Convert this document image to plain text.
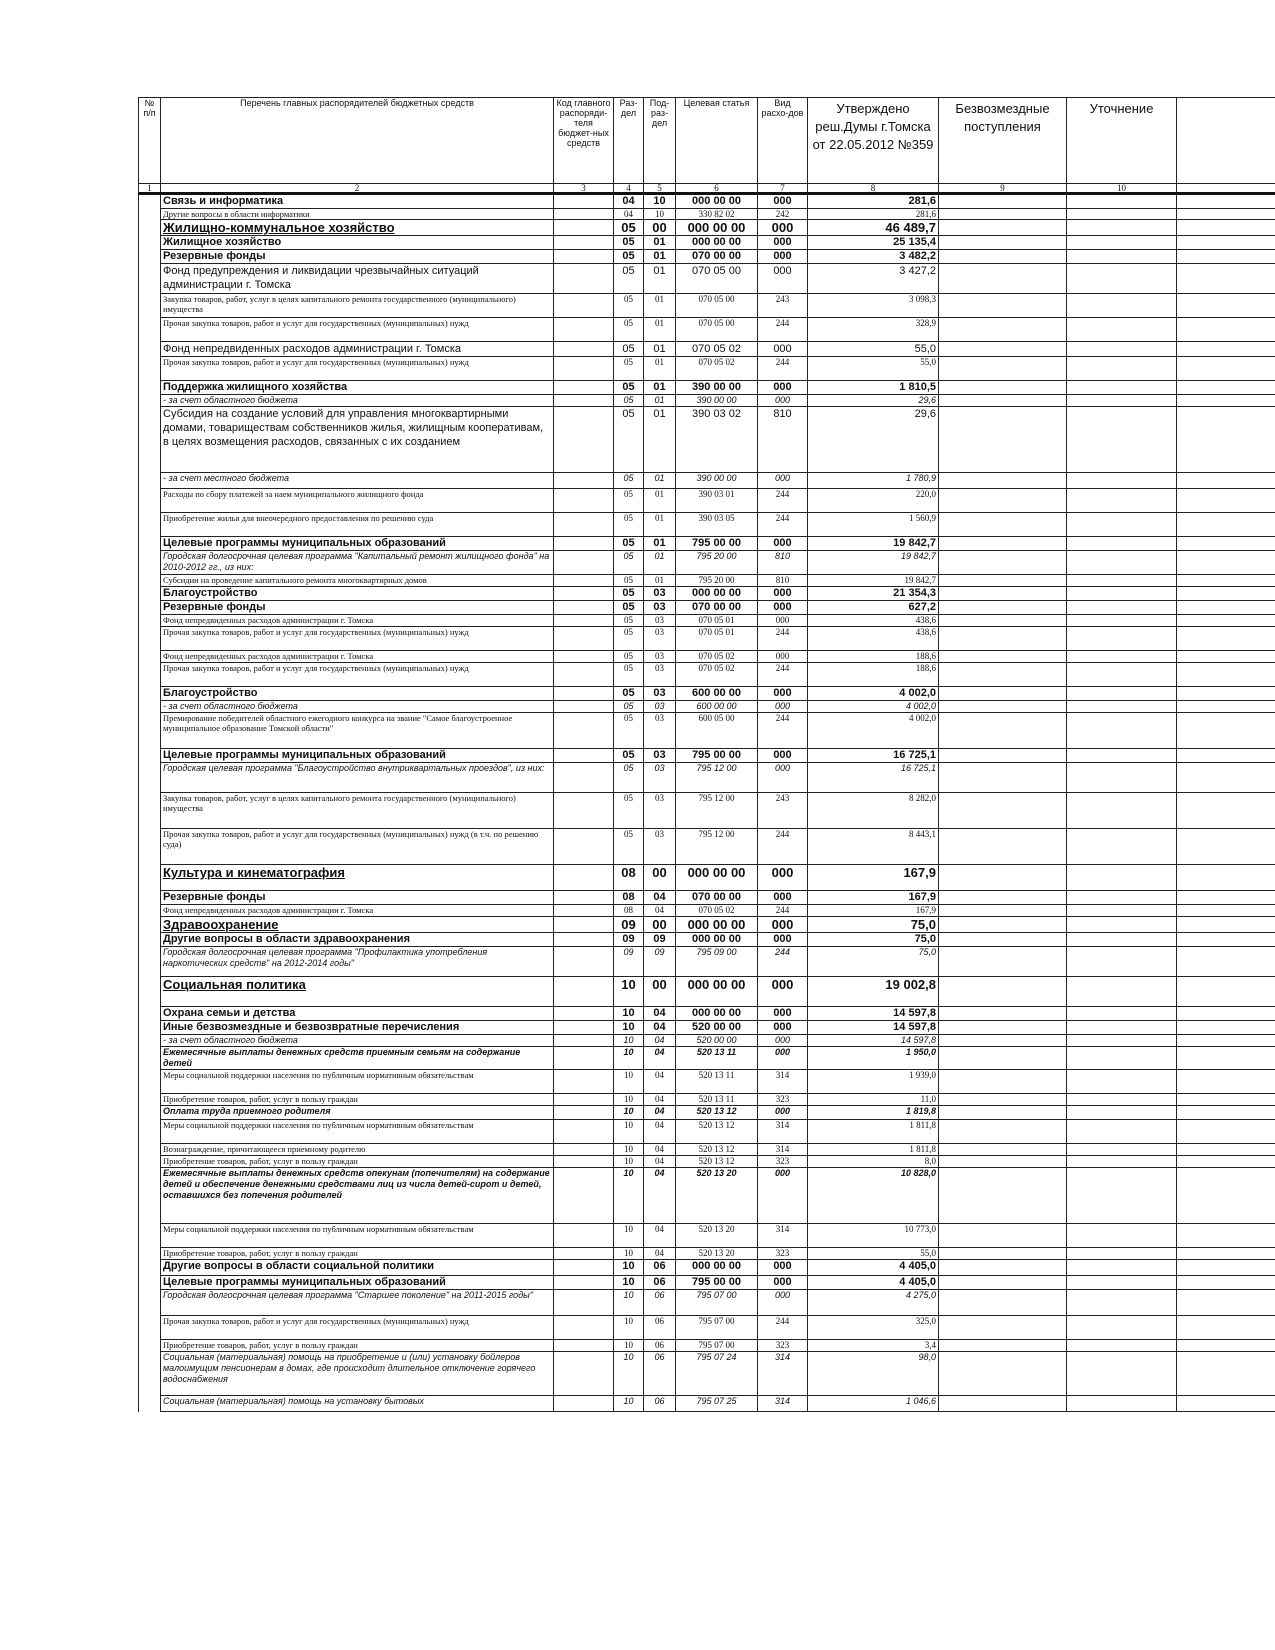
№ п/п	Перечень главных распорядителей бюджетных средств	Код главного распоряди-теля бюджет-ных средств	Раз-дел	Под-раз-дел	Целевая статья	Вид расхо-дов	Утверждено реш.Думы г.Томска от 22.05.2012 №359	Безвозмездные поступления	Уточнение	
1	2	3	4	5	6	7	8	9	10	
	Связь и информатика		04	10	000 00 00	000	281,6			
	Другие вопросы в области информатики		04	10	330 82 02	242	281,6			
	Жилищно-коммунальное хозяйство		05	00	000 00 00	000	46 489,7			
	Жилищное хозяйство		05	01	000 00 00	000	25 135,4			
	Резервные фонды		05	01	070 00 00	000	3 482,2			
	Фонд предупреждения и ликвидации чрезвычайных ситуаций администрации г. Томска		05	01	070 05 00	000	3 427,2			
	Закупка товаров, работ, услуг в целях капитального ремонта государственного (муниципального) имущества		05	01	070 05 00	243	3 098,3			
	Прочая закупка товаров, работ и услуг для государственных (муниципальных) нужд		05	01	070 05 00	244	328,9			
	Фонд непредвиденных расходов администрации г. Томска		05	01	070 05 02	000	55,0			
	Прочая закупка товаров, работ и услуг для государственных (муниципальных) нужд		05	01	070 05 02	244	55,0			
	Поддержка жилищного хозяйства		05	01	390 00 00	000	1 810,5			
	- за счет областного бюджета		05	01	390 00 00	000	29,6			
	Субсидия на создание условий для управления многоквартирными домами, товариществам собственников жилья, жилищным кооперативам, в целях возмещения расходов, связанных с их созданием		05	01	390 03 02	810	29,6			
	- за счет местного бюджета		05	01	390 00 00	000	1 780,9			
	Расходы по сбору платежей за наем муниципального жилищного фонда		05	01	390 03 01	244	220,0			
	Приобретение жилья для внеочередного предоставления по решению суда		05	01	390 03 05	244	1 560,9			
	Целевые программы муниципальных образований		05	01	795 00 00	000	19 842,7			
	Городская долгосрочная целевая программа "Капитальный ремонт жилищного фонда" на 2010-2012 гг., из них:		05	01	795 20 00	810	19 842,7			
	Субсидии на проведение капитального ремонта многоквартирных домов		05	01	795 20 00	810	19 842,7			
	Благоустройство		05	03	000 00 00	000	21 354,3			
	Резервные фонды		05	03	070 00 00	000	627,2			
	Фонд непредвиденных расходов администрации г. Томска		05	03	070 05 01	000	438,6			
	Прочая закупка товаров, работ и услуг для государственных (муниципальных) нужд		05	03	070 05 01	244	438,6			
	Фонд непредвиденных расходов администрации г. Томска		05	03	070 05 02	000	188,6			
	Прочая закупка товаров, работ и услуг для государственных (муниципальных) нужд		05	03	070 05 02	244	188,6			
	Благоустройство		05	03	600 00 00	000	4 002,0			
	- за счет областного бюджета		05	03	600 00 00	000	4 002,0			
	Премирование победителей областного ежегодного конкурса на звание "Самое благоустроенное муниципальное образование Томской области"		05	03	600 05 00	244	4 002,0			
	Целевые программы муниципальных образований		05	03	795 00 00	000	16 725,1			
	Городская целевая программа "Благоустройство внутриквартальных проездов", из них:		05	03	795 12 00	000	16 725,1			
	Закупка товаров, работ, услуг в целях капитального ремонта государственного (муниципального) имущества		05	03	795 12 00	243	8 282,0			
	Прочая закупка товаров, работ и услуг для государственных (муниципальных) нужд (в т.ч. по решению суда)		05	03	795 12 00	244	8 443,1			
	Культура и кинематография		08	00	000 00 00	000	167,9			
	Резервные фонды		08	04	070 00 00	000	167,9			
	Фонд непредвиденных расходов администрации г. Томска		08	04	070 05 02	244	167,9			
	Здравоохранение		09	00	000 00 00	000	75,0			
	Другие вопросы в области здравоохранения		09	09	000 00 00	000	75,0			
	Городская долгосрочная целевая программа "Профилактика употребления наркотических средств" на 2012-2014 годы"		09	09	795 09 00	244	75,0			
	Социальная политика		10	00	000 00 00	000	19 002,8			
	Охрана семьи и детства		10	04	000 00 00	000	14 597,8			
	Иные безвозмездные и безвозвратные перечисления		10	04	520 00 00	000	14 597,8			
	- за счет областного бюджета		10	04	520 00 00	000	14 597,8			
	Ежемесячные выплаты денежных средств приемным семьям на содержание детей		10	04	520 13 11	000	1 950,0			
	Меры социальной поддержки населения по публичным нормативным обязательствам		10	04	520 13 11	314	1 939,0			
	Приобретение товаров, работ, услуг в пользу граждан		10	04	520 13 11	323	11,0			
	Оплата труда приемного родителя		10	04	520 13 12	000	1 819,8			
	Меры социальной поддержки населения по публичным нормативным обязательствам		10	04	520 13 12	314	1 811,8			
	Вознаграждение, причитающееся приемному родителю		10	04	520 13 12	314	1 811,8			
	Приобретение товаров, работ, услуг в пользу граждан		10	04	520 13 12	323	8,0			
	Ежемесячные выплаты денежных средств опекунам (попечителям) на содержание детей и обеспечение денежными средствами лиц из числа детей-сирот и детей, оставшихся без попечения родителей		10	04	520 13 20	000	10 828,0			
	Меры социальной поддержки населения по публичным нормативным обязательствам		10	04	520 13 20	314	10 773,0			
	Приобретение товаров, работ, услуг в пользу граждан		10	04	520 13 20	323	55,0			
	Другие вопросы в области социальной политики		10	06	000 00 00	000	4 405,0			
	Целевые программы муниципальных образований		10	06	795 00 00	000	4 405,0			
	Городская долгосрочная целевая программа "Старшее поколение" на 2011-2015 годы"		10	06	795 07 00	000	4 275,0			
	Прочая закупка товаров, работ и услуг для государственных (муниципальных) нужд		10	06	795 07 00	244	325,0			
	Приобретение товаров, работ, услуг в пользу граждан		10	06	795 07 00	323	3,4			
	Социальная (материальная) помощь на приобретение и (или) установку бойлеров малоимущим пенсионерам в домах, где происходит длительное отключение горячего водоснабжения		10	06	795 07 24	314	98,0			
	Социальная (материальная) помощь на установку бытовых		10	06	795 07 25	314	1 046,6			
